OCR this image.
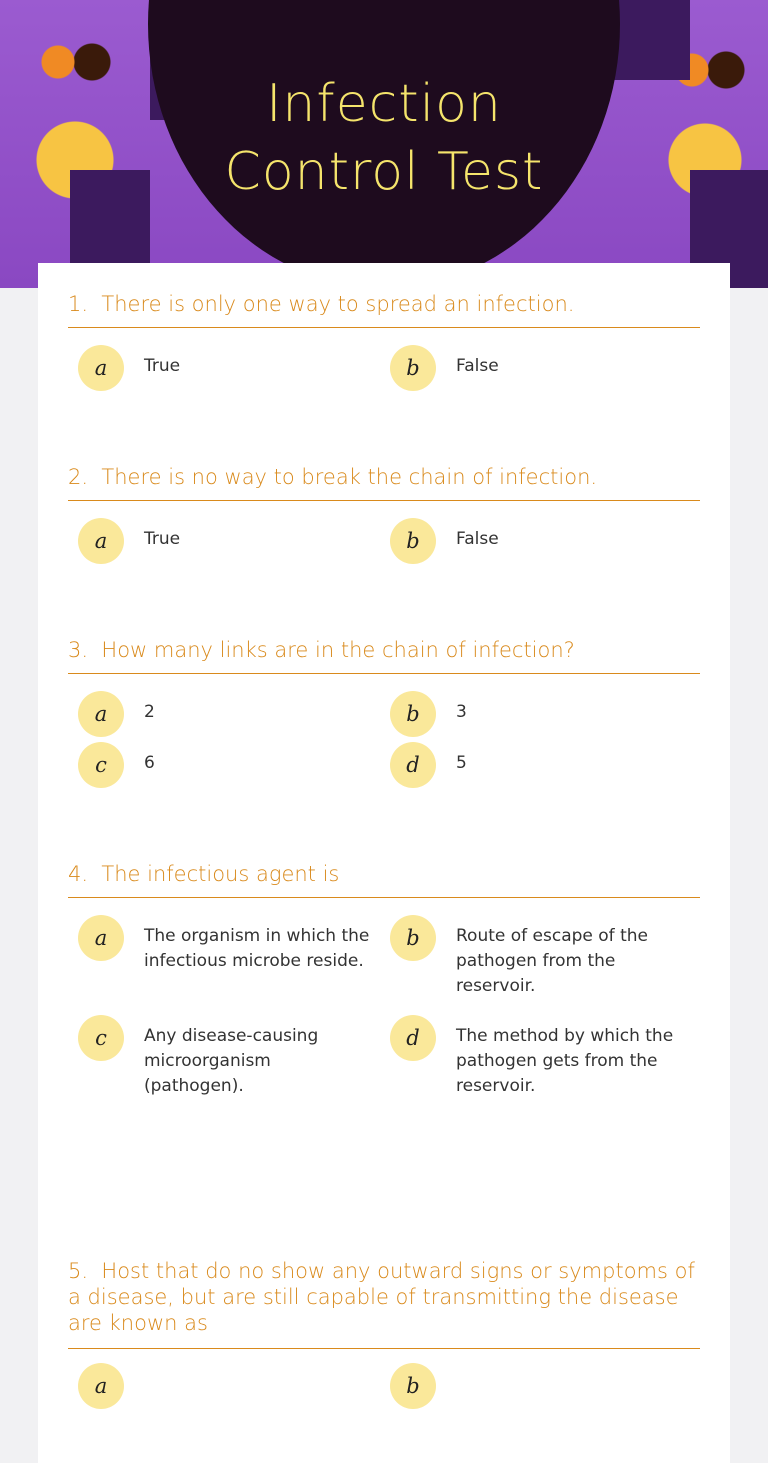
Infection
Control Test
1. There is only one way to spread an infection.
a	True	b	False
2. There is no way to break the chain of infection.
a	True	b	False
3. How many links are in the chain of infection?
a	2	b	3
c	6	d	5
4. The infectious agent is
a	The organism in which the infectious microbe reside.
b	Route of escape of the pathogen from the reservoir.
c	Any disease-causing microorganism (pathogen).
d	The method by which the pathogen gets from the reservoir.
5. Host that do no show any outward signs or symptoms of a disease, but are still capable of transmitting the disease are known as
a	b
